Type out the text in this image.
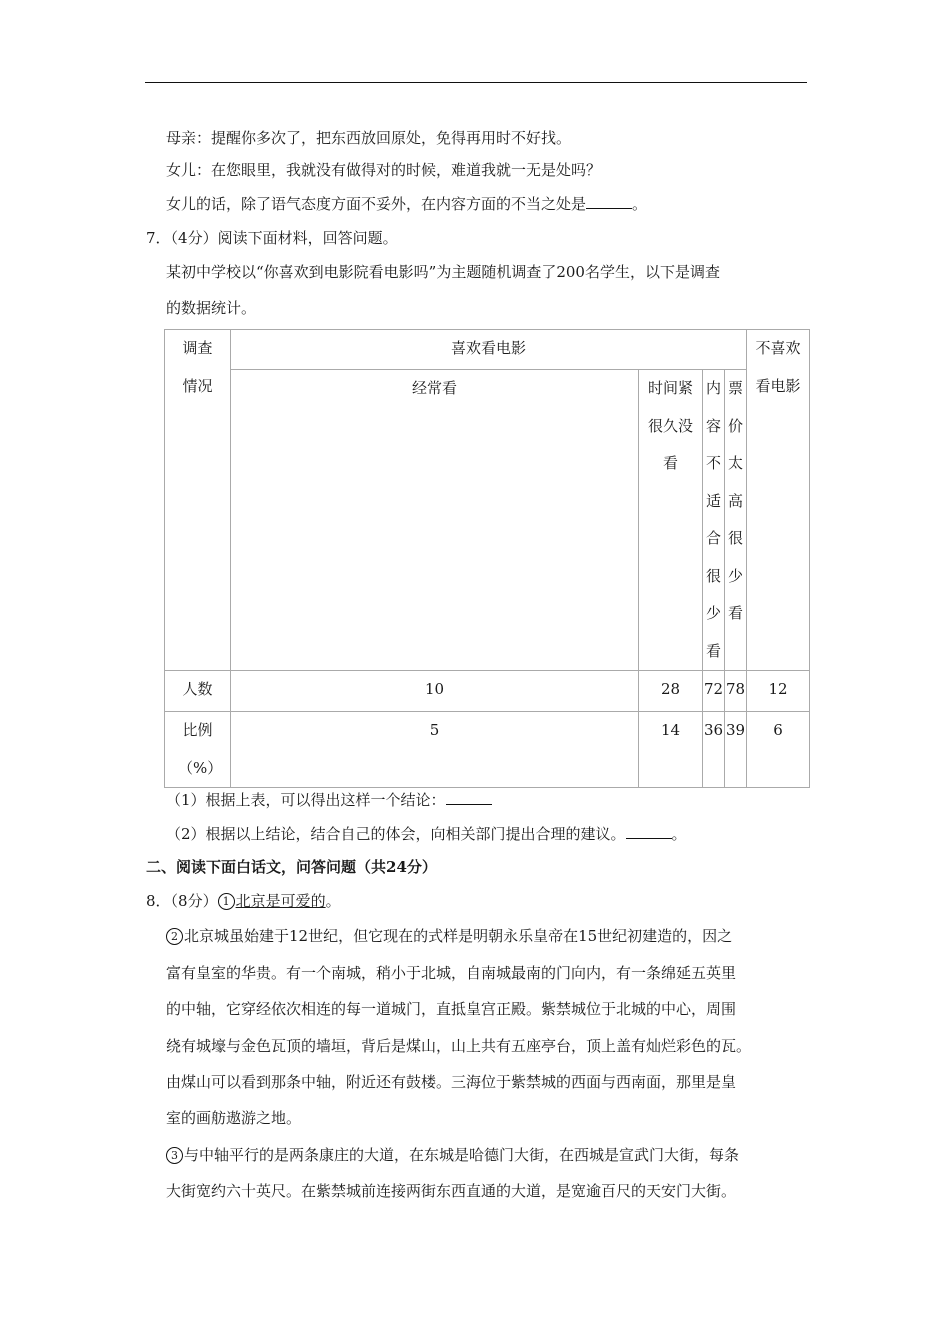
母亲：提醒你多次了，把东西放回原处，免得再用时不好找。
女儿：在您眼里，我就没有做得对的时候，难道我就一无是处吗？
女儿的话，除了语气态度方面不妥外，在内容方面的不当之处是	。
7．（4分）阅读下面材料，回答问题。
某初中学校以“你喜欢到电影院看电影吗”为主题随机调查了200名学生，以下是调查
的数据统计。
调查情况	喜欢看电影				不喜欢看电影

	经常看	时间紧很久没看	内容不适合很少看	票价太高很少看	

人数	10	28	72	78	12

比例（%）	5	14	36	39	6
（1）根据上表，可以得出这样一个结论：
（2）根据以上结论，结合自己的体会，向相关部门提出合理的建议。	。
二、阅读下面白话文，问答问题（共24分）
8．（8分） 1 北京是可爱的。
2 北京城虽始建于12世纪，但它现在的式样是明朝永乐皇帝在15世纪初建造的，因之
富有皇室的华贵。有一个南城，稍小于北城，自南城最南的门向内，有一条绵延五英里
的中轴，它穿经依次相连的每一道城门，直抵皇宫正殿。紫禁城位于北城的中心，周围
绕有城壕与金色瓦顶的墙垣，背后是煤山，山上共有五座亭台，顶上盖有灿烂彩色的瓦。
由煤山可以看到那条中轴，附近还有鼓楼。三海位于紫禁城的西面与西南面，那里是皇
室的画舫遨游之地。
3 与中轴平行的是两条康庄的大道，在东城是哈德门大街，在西城是宣武门大街，每条
大街宽约六十英尺。在紫禁城前连接两街东西直通的大道，是宽逾百尺的天安门大街。
